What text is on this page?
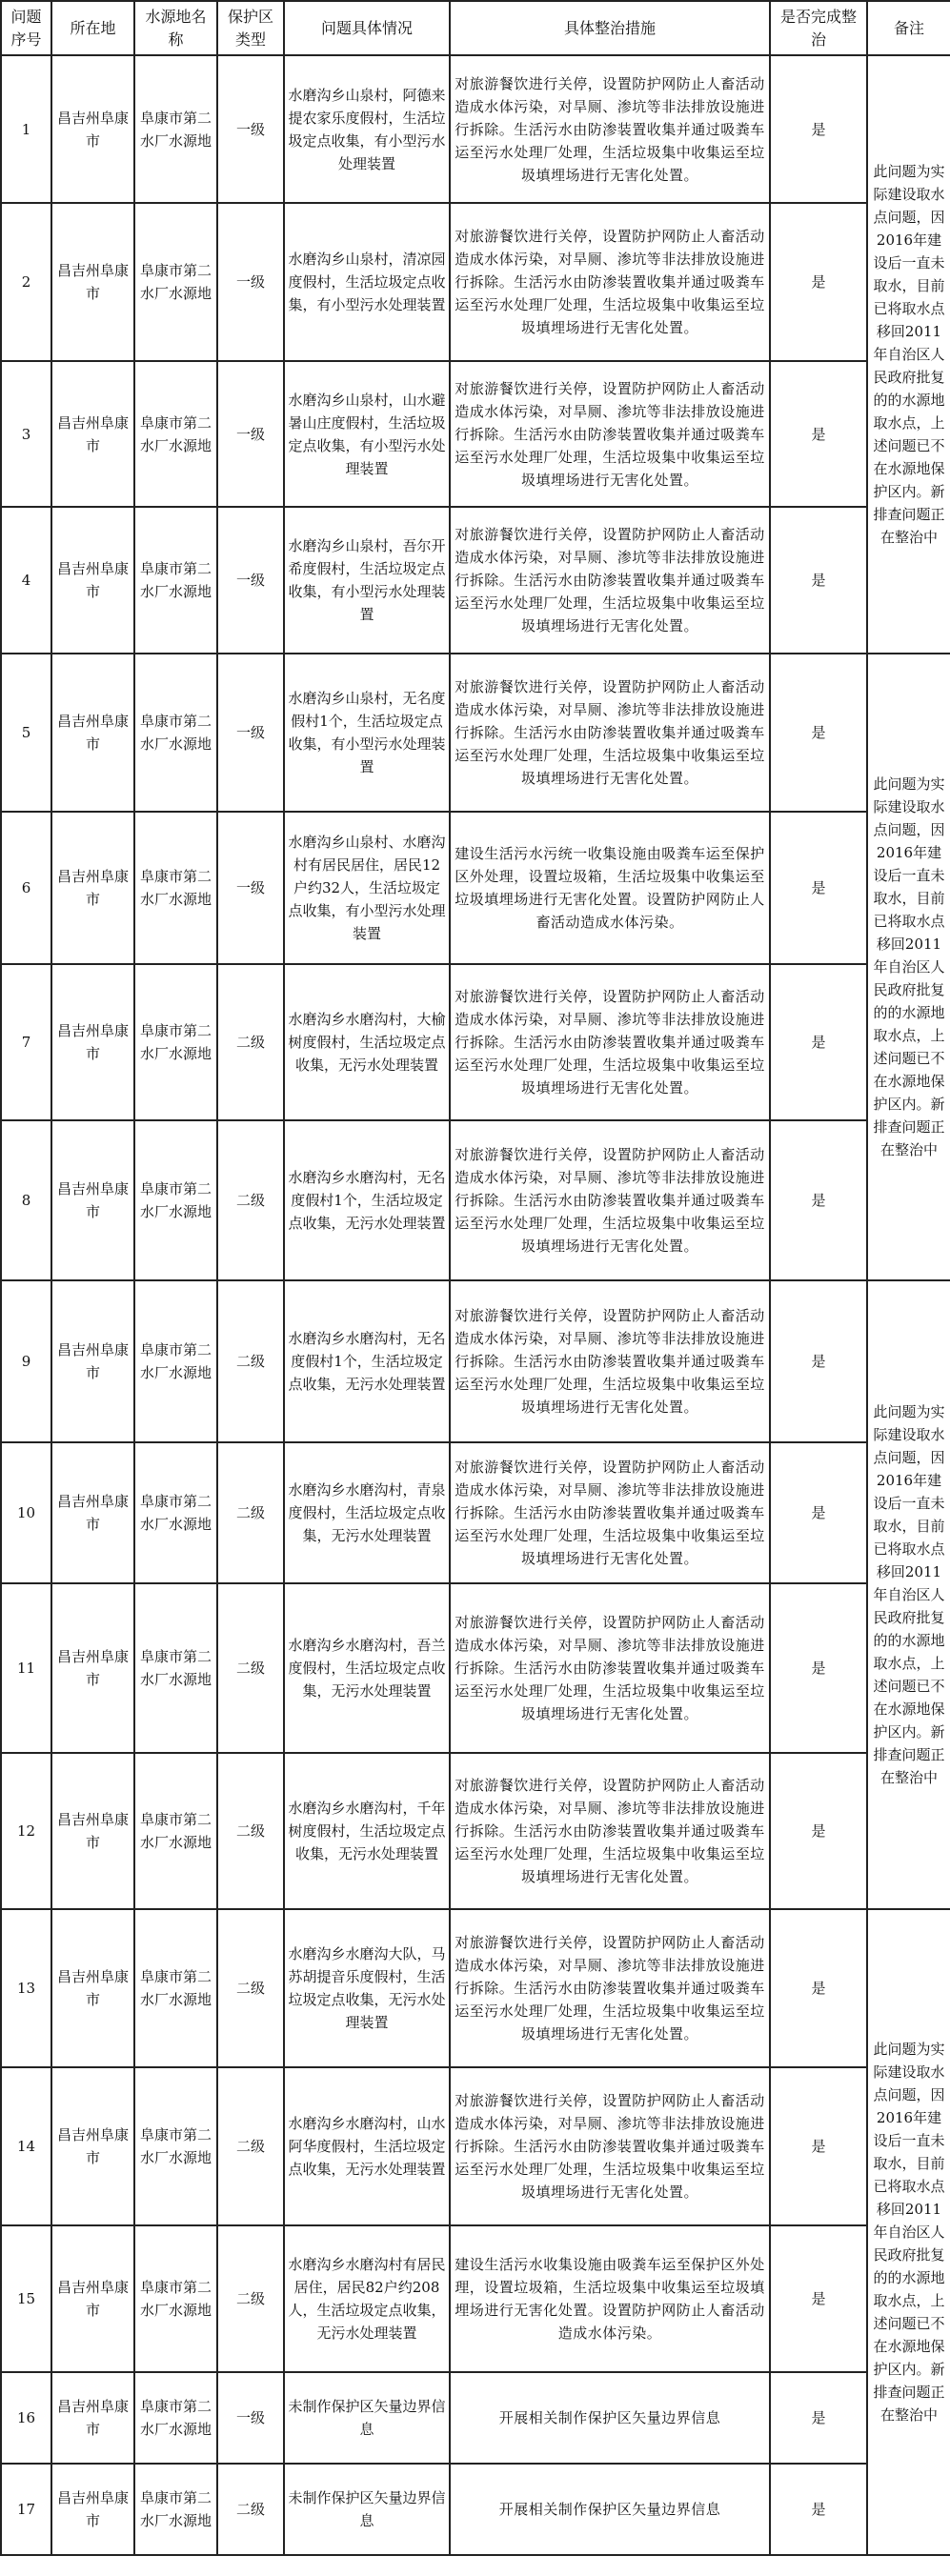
问题序号	所在地	水源地名称	保护区类型	问题具体情况	具体整治措施	是否完成整治	备注
1	昌吉州阜康市	阜康市第二水厂水源地	一级	水磨沟乡山泉村，阿德来提农家乐度假村，生活垃圾定点收集，有小型污水处理装置	对旅游餐饮进行关停，设置防护网防止人畜活动造成水体污染，对旱厕、渗坑等非法排放设施进行拆除。生活污水由防渗装置收集并通过吸粪车运至污水处理厂处理，生活垃圾集中收集运至垃圾填埋场进行无害化处置。	是	此问题为实际建设取水点问题，因2016年建设后一直未取水，目前已将取水点移回2011年自治区人民政府批复的的水源地取水点，上述问题已不在水源地保护区内。新排查问题正在整治中
2	昌吉州阜康市	阜康市第二水厂水源地	一级	水磨沟乡山泉村，清凉园度假村，生活垃圾定点收集，有小型污水处理装置	对旅游餐饮进行关停，设置防护网防止人畜活动造成水体污染，对旱厕、渗坑等非法排放设施进行拆除。生活污水由防渗装置收集并通过吸粪车运至污水处理厂处理，生活垃圾集中收集运至垃圾填埋场进行无害化处置。	是	
3	昌吉州阜康市	阜康市第二水厂水源地	一级	水磨沟乡山泉村，山水避暑山庄度假村，生活垃圾定点收集，有小型污水处理装置	对旅游餐饮进行关停，设置防护网防止人畜活动造成水体污染，对旱厕、渗坑等非法排放设施进行拆除。生活污水由防渗装置收集并通过吸粪车运至污水处理厂处理，生活垃圾集中收集运至垃圾填埋场进行无害化处置。	是	
4	昌吉州阜康市	阜康市第二水厂水源地	一级	水磨沟乡山泉村，吾尔开希度假村，生活垃圾定点收集，有小型污水处理装置	对旅游餐饮进行关停，设置防护网防止人畜活动造成水体污染，对旱厕、渗坑等非法排放设施进行拆除。生活污水由防渗装置收集并通过吸粪车运至污水处理厂处理，生活垃圾集中收集运至垃圾填埋场进行无害化处置。	是	
5	昌吉州阜康市	阜康市第二水厂水源地	一级	水磨沟乡山泉村，无名度假村1个，生活垃圾定点收集，有小型污水处理装置	对旅游餐饮进行关停，设置防护网防止人畜活动造成水体污染，对旱厕、渗坑等非法排放设施进行拆除。生活污水由防渗装置收集并通过吸粪车运至污水处理厂处理，生活垃圾集中收集运至垃圾填埋场进行无害化处置。	是	此问题为实际建设取水点问题，因2016年建设后一直未取水，目前已将取水点移回2011年自治区人民政府批复的的水源地取水点，上述问题已不在水源地保护区内。新排查问题正在整治中
6	昌吉州阜康市	阜康市第二水厂水源地	一级	水磨沟乡山泉村、水磨沟村有居民居住，居民12户约32人，生活垃圾定点收集，有小型污水处理装置	建设生活污水污统一收集设施由吸粪车运至保护区外处理，设置垃圾箱，生活垃圾集中收集运至垃圾填埋场进行无害化处置。设置防护网防止人畜活动造成水体污染。	是	
7	昌吉州阜康市	阜康市第二水厂水源地	二级	水磨沟乡水磨沟村，大榆树度假村，生活垃圾定点收集，无污水处理装置	对旅游餐饮进行关停，设置防护网防止人畜活动造成水体污染，对旱厕、渗坑等非法排放设施进行拆除。生活污水由防渗装置收集并通过吸粪车运至污水处理厂处理，生活垃圾集中收集运至垃圾填埋场进行无害化处置。	是	
8	昌吉州阜康市	阜康市第二水厂水源地	二级	水磨沟乡水磨沟村，无名度假村1个，生活垃圾定点收集，无污水处理装置	对旅游餐饮进行关停，设置防护网防止人畜活动造成水体污染，对旱厕、渗坑等非法排放设施进行拆除。生活污水由防渗装置收集并通过吸粪车运至污水处理厂处理，生活垃圾集中收集运至垃圾填埋场进行无害化处置。	是	
9	昌吉州阜康市	阜康市第二水厂水源地	二级	水磨沟乡水磨沟村，无名度假村1个，生活垃圾定点收集，无污水处理装置	对旅游餐饮进行关停，设置防护网防止人畜活动造成水体污染，对旱厕、渗坑等非法排放设施进行拆除。生活污水由防渗装置收集并通过吸粪车运至污水处理厂处理，生活垃圾集中收集运至垃圾填埋场进行无害化处置。	是	此问题为实际建设取水点问题，因2016年建设后一直未取水，目前已将取水点移回2011年自治区人民政府批复的的水源地取水点，上述问题已不在水源地保护区内。新排查问题正在整治中
10	昌吉州阜康市	阜康市第二水厂水源地	二级	水磨沟乡水磨沟村，青泉度假村，生活垃圾定点收集，无污水处理装置	对旅游餐饮进行关停，设置防护网防止人畜活动造成水体污染，对旱厕、渗坑等非法排放设施进行拆除。生活污水由防渗装置收集并通过吸粪车运至污水处理厂处理，生活垃圾集中收集运至垃圾填埋场进行无害化处置。	是	
11	昌吉州阜康市	阜康市第二水厂水源地	二级	水磨沟乡水磨沟村，吾兰度假村，生活垃圾定点收集，无污水处理装置	对旅游餐饮进行关停，设置防护网防止人畜活动造成水体污染，对旱厕、渗坑等非法排放设施进行拆除。生活污水由防渗装置收集并通过吸粪车运至污水处理厂处理，生活垃圾集中收集运至垃圾填埋场进行无害化处置。	是	
12	昌吉州阜康市	阜康市第二水厂水源地	二级	水磨沟乡水磨沟村，千年树度假村，生活垃圾定点收集，无污水处理装置	对旅游餐饮进行关停，设置防护网防止人畜活动造成水体污染，对旱厕、渗坑等非法排放设施进行拆除。生活污水由防渗装置收集并通过吸粪车运至污水处理厂处理，生活垃圾集中收集运至垃圾填埋场进行无害化处置。	是	
13	昌吉州阜康市	阜康市第二水厂水源地	二级	水磨沟乡水磨沟大队，马苏胡提音乐度假村，生活垃圾定点收集，无污水处理装置	对旅游餐饮进行关停，设置防护网防止人畜活动造成水体污染，对旱厕、渗坑等非法排放设施进行拆除。生活污水由防渗装置收集并通过吸粪车运至污水处理厂处理，生活垃圾集中收集运至垃圾填埋场进行无害化处置。	是	此问题为实际建设取水点问题，因2016年建设后一直未取水，目前已将取水点移回2011年自治区人民政府批复的的水源地取水点，上述问题已不在水源地保护区内。新排查问题正在整治中
14	昌吉州阜康市	阜康市第二水厂水源地	二级	水磨沟乡水磨沟村，山水阿华度假村，生活垃圾定点收集，无污水处理装置	对旅游餐饮进行关停，设置防护网防止人畜活动造成水体污染，对旱厕、渗坑等非法排放设施进行拆除。生活污水由防渗装置收集并通过吸粪车运至污水处理厂处理，生活垃圾集中收集运至垃圾填埋场进行无害化处置。	是	
15	昌吉州阜康市	阜康市第二水厂水源地	二级	水磨沟乡水磨沟村有居民居住，居民82户约208人，生活垃圾定点收集，无污水处理装置	建设生活污水收集设施由吸粪车运至保护区外处理，设置垃圾箱，生活垃圾集中收集运至垃圾填埋场进行无害化处置。设置防护网防止人畜活动造成水体污染。	是	
16	昌吉州阜康市	阜康市第二水厂水源地	一级	未制作保护区矢量边界信息	开展相关制作保护区矢量边界信息	是	
17	昌吉州阜康市	阜康市第二水厂水源地	二级	未制作保护区矢量边界信息	开展相关制作保护区矢量边界信息	是	
